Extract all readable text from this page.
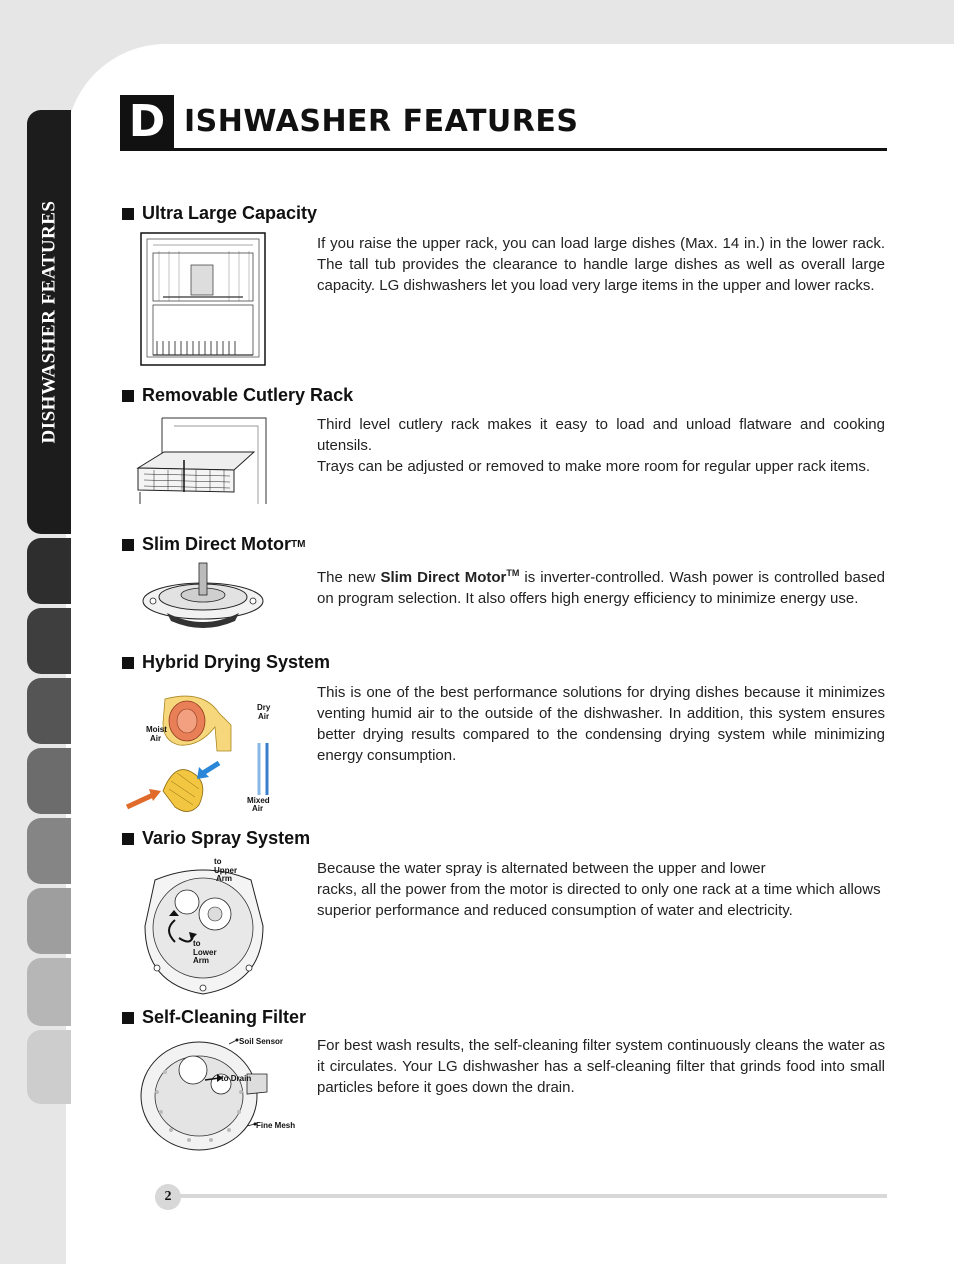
DISHWASHER FEATURES
D ISHWASHER FEATURES
Ultra Large Capacity
If you raise the upper rack, you can load large dishes (Max. 14 in.) in the lower rack. The tall tub provides the clearance to handle large dishes as well as overall large capacity. LG dishwashers let you load very large items in the upper and lower racks.
Removable Cutlery Rack
Third level cutlery rack makes it easy to load and unload flatware and cooking utensils.
Trays can be adjusted or removed to make more room for regular upper rack items.
Slim Direct Motor TM
The new Slim Direct Motor™ is inverter-controlled. Wash power is controlled based on program selection. It also offers high energy efficiency to minimize energy use.
Hybrid Drying System
Dry
Air
Moist
Air
Mixed
Air
This is one of the best performance solutions for drying dishes because it minimizes venting humid air to the outside of the dishwasher. In addition, this system ensures better drying results compared to the condensing drying system while minimizing energy consumption.
Vario Spray System
to
Upper
Arm
to
Lower
Arm
Because the water spray is alternated between the upper and lower
racks, all the power from the motor is directed to only one rack at a time which allows superior performance and reduced consumption of water and electricity.
Self-Cleaning Filter
Soil Sensor
to Drain
Fine Mesh
For best wash results, the self-cleaning filter system continuously cleans the water as it circulates. Your LG dishwasher has a self-cleaning filter that grinds food into small particles before it goes down the drain.
2
